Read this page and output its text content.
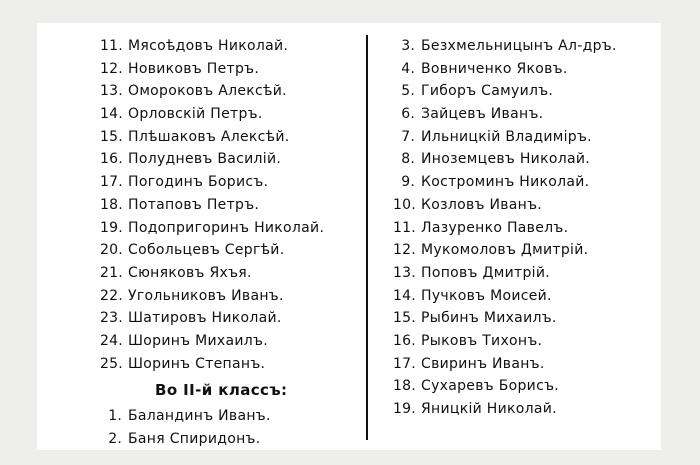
11. Мясоѣдовъ Николай.
12. Новиковъ Петръ.
13. Оморокoвъ Алексѣй.
14. Орловскій Петръ.
15. Плѣшаковъ Алексѣй.
16. Полудневъ Василій.
17. Погодинъ Борисъ.
18. Потаповъ Петръ.
19. Подопригоринъ Николай.
20. Собольцевъ Сергѣй.
21. Сюняковъ Яхъя.
22. Угольниковъ Иванъ.
23. Шатировъ Николай.
24. Шоринъ Михаилъ.
25. Шоринъ Степанъ.
Во II-й классъ:
1. Баландинъ Иванъ.
2. Баня Спиридонъ.
3. Безхмельницынъ Ал-дръ.
4. Вовниченко Яковъ.
5. Гиборъ Самуилъ.
6. Зайцевъ Иванъ.
7. Ильницкій Владиміръ.
8. Иноземцевъ Николай.
9. Костроминъ Николай.
10. Козловъ Иванъ.
11. Лазуренко Павелъ.
12. Мукомоловъ Дмитрій.
13. Поповъ Дмитрій.
14. Пучковъ Моисей.
15. Рыбинъ Михаилъ.
16. Рыковъ Тихонъ.
17. Свиринъ Иванъ.
18. Сухаревъ Борисъ.
19. Яницкій Николай.
ТИХВЕСТИ.РФ
